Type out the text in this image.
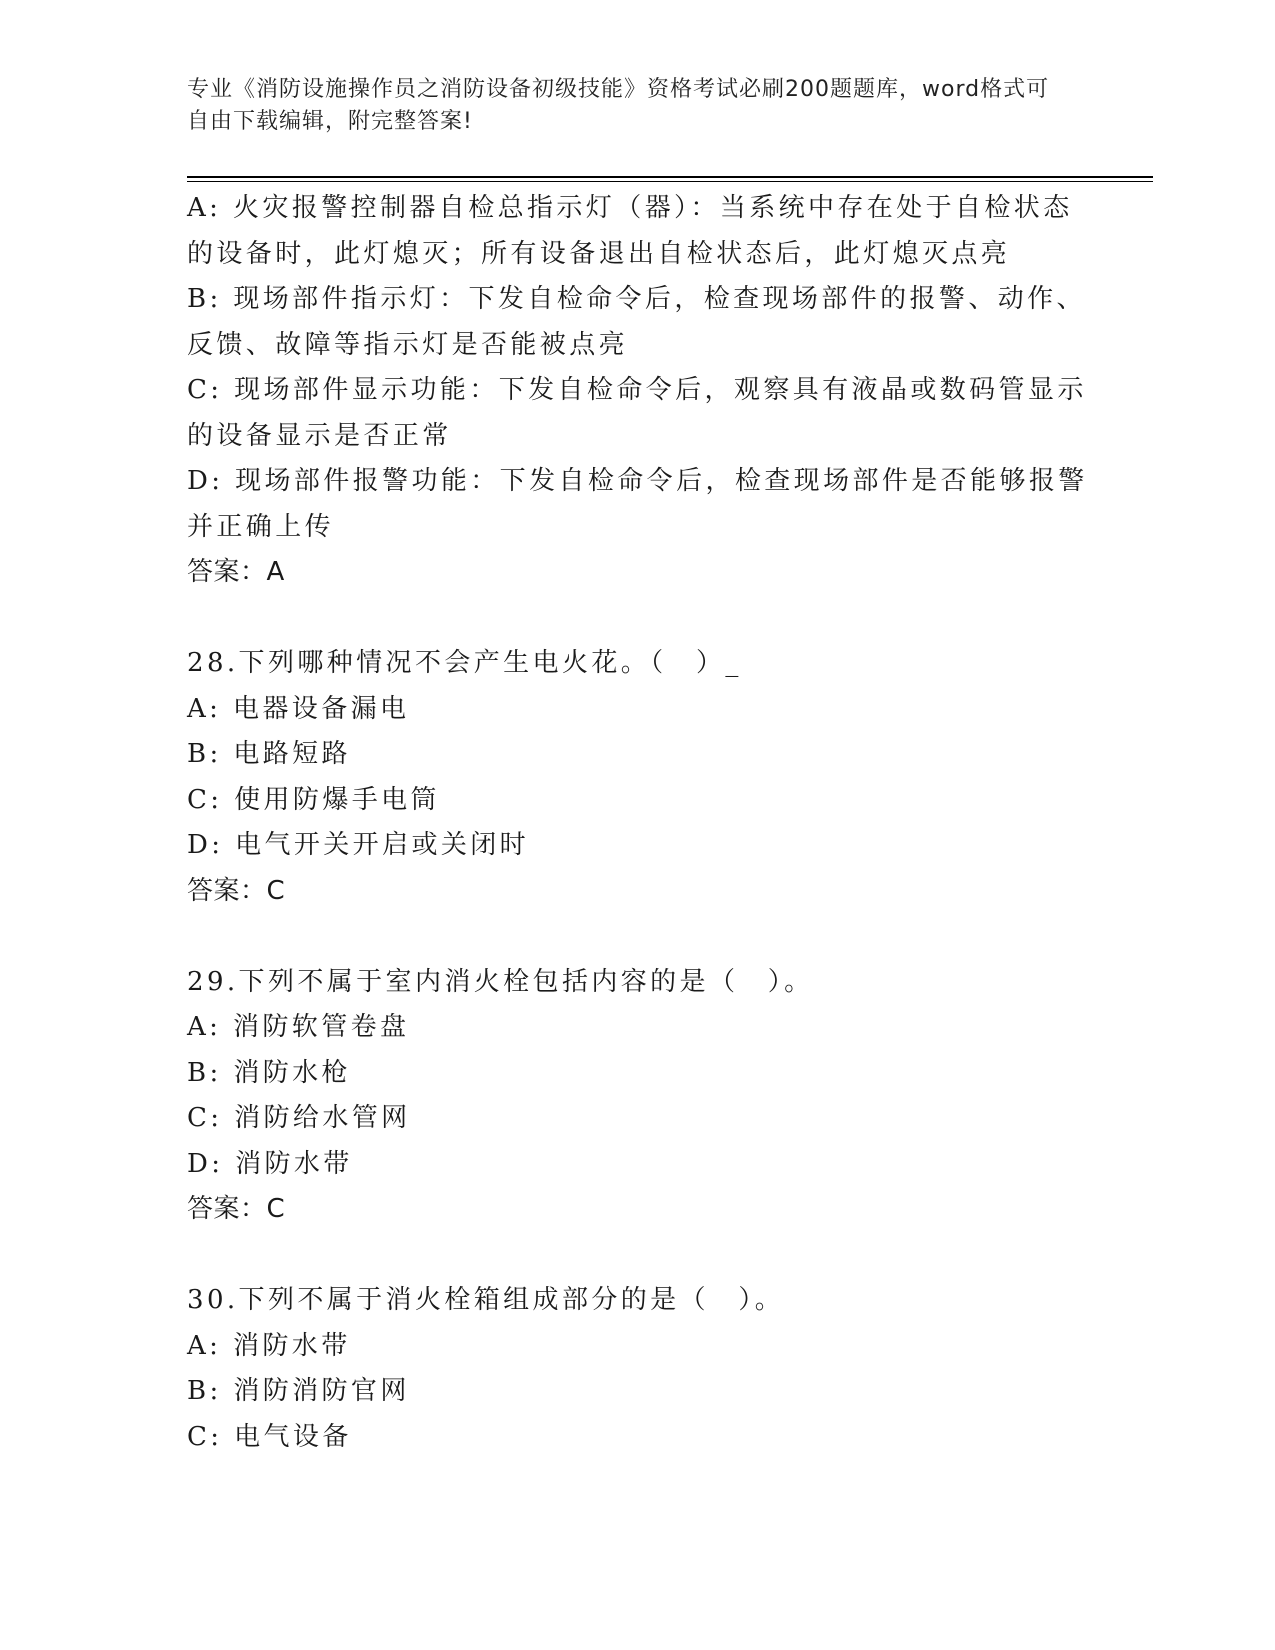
专业《消防设施操作员之消防设备初级技能》资格考试必刷200题题库，word格式可自由下载编辑，附完整答案!
A: 火灾报警控制器自检总指示灯（器）：当系统中存在处于自检状态
的设备时，此灯熄灭；所有设备退出自检状态后，此灯熄灭点亮
B: 现场部件指示灯：下发自检命令后，检查现场部件的报警、动作、
反馈、故障等指示灯是否能被点亮
C: 现场部件显示功能：下发自检命令后，观察具有液晶或数码管显示
的设备显示是否正常
D: 现场部件报警功能：下发自检命令后，检查现场部件是否能够报警
并正确上传
答案：A
28.下列哪种情况不会产生电火花。（　）_
A: 电器设备漏电
B: 电路短路
C: 使用防爆手电筒
D: 电气开关开启或关闭时
答案：C
29.下列不属于室内消火栓包括内容的是（　）。
A: 消防软管卷盘
B: 消防水枪
C: 消防给水管网
D: 消防水带
答案：C
30.下列不属于消火栓箱组成部分的是（　）。
A: 消防水带
B: 消防消防官网
C: 电气设备
